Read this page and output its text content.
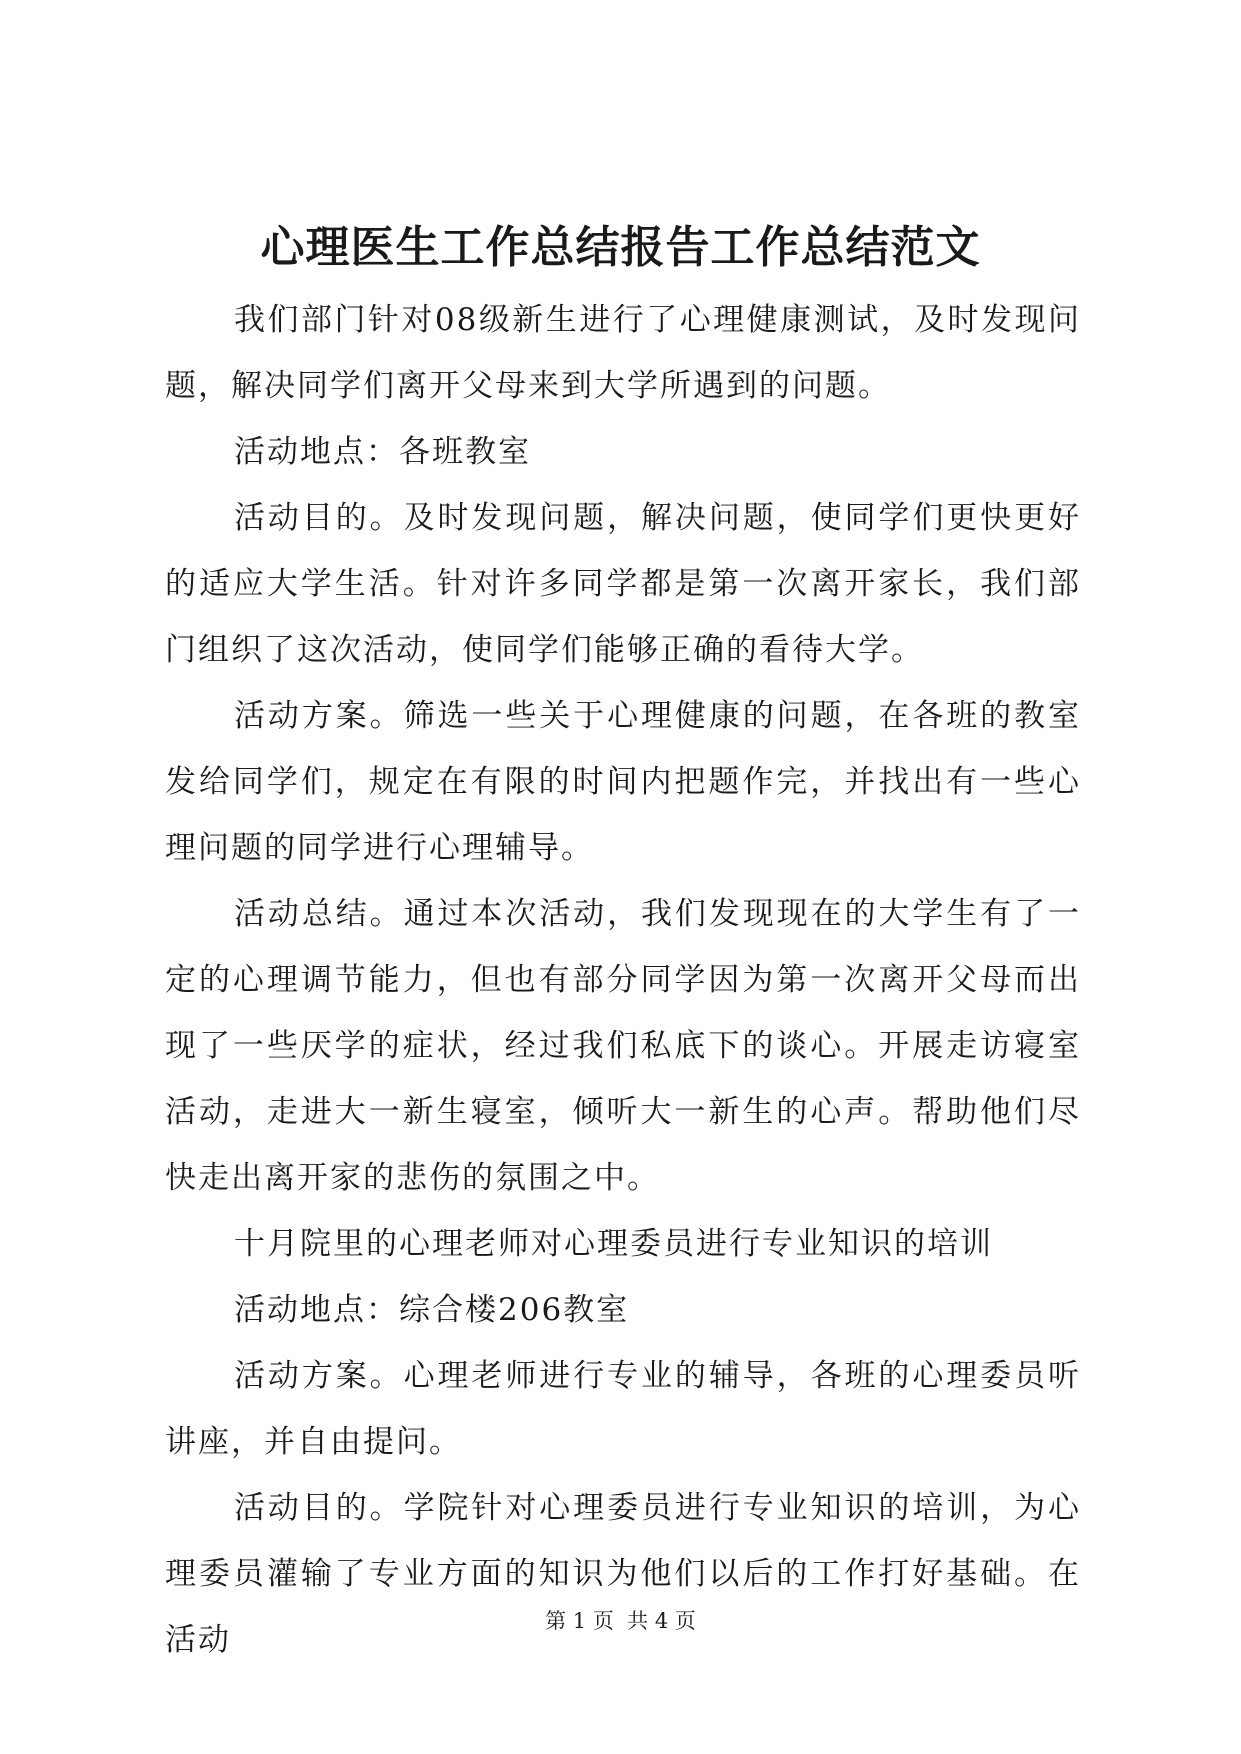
心理医生工作总结报告工作总结范文

我们部门针对08级新生进行了心理健康测试，及时发现问题，解决同学们离开父母来到大学所遇到的问题。

活动地点：各班教室

活动目的。及时发现问题，解决问题，使同学们更快更好的适应大学生活。针对许多同学都是第一次离开家长，我们部门组织了这次活动，使同学们能够正确的看待大学。

活动方案。筛选一些关于心理健康的问题，在各班的教室发给同学们，规定在有限的时间内把题作完，并找出有一些心理问题的同学进行心理辅导。

活动总结。通过本次活动，我们发现现在的大学生有了一定的心理调节能力，但也有部分同学因为第一次离开父母而出现了一些厌学的症状，经过我们私底下的谈心。开展走访寝室活动，走进大一新生寝室，倾听大一新生的心声。帮助他们尽快走出离开家的悲伤的氛围之中。

十月院里的心理老师对心理委员进行专业知识的培训

活动地点：综合楼206教室

活动方案。心理老师进行专业的辅导，各班的心理委员听讲座，并自由提问。

活动目的。学院针对心理委员进行专业知识的培训，为心理委员灌输了专业方面的知识为他们以后的工作打好基础。在活动

第 1 页  共 4 页
